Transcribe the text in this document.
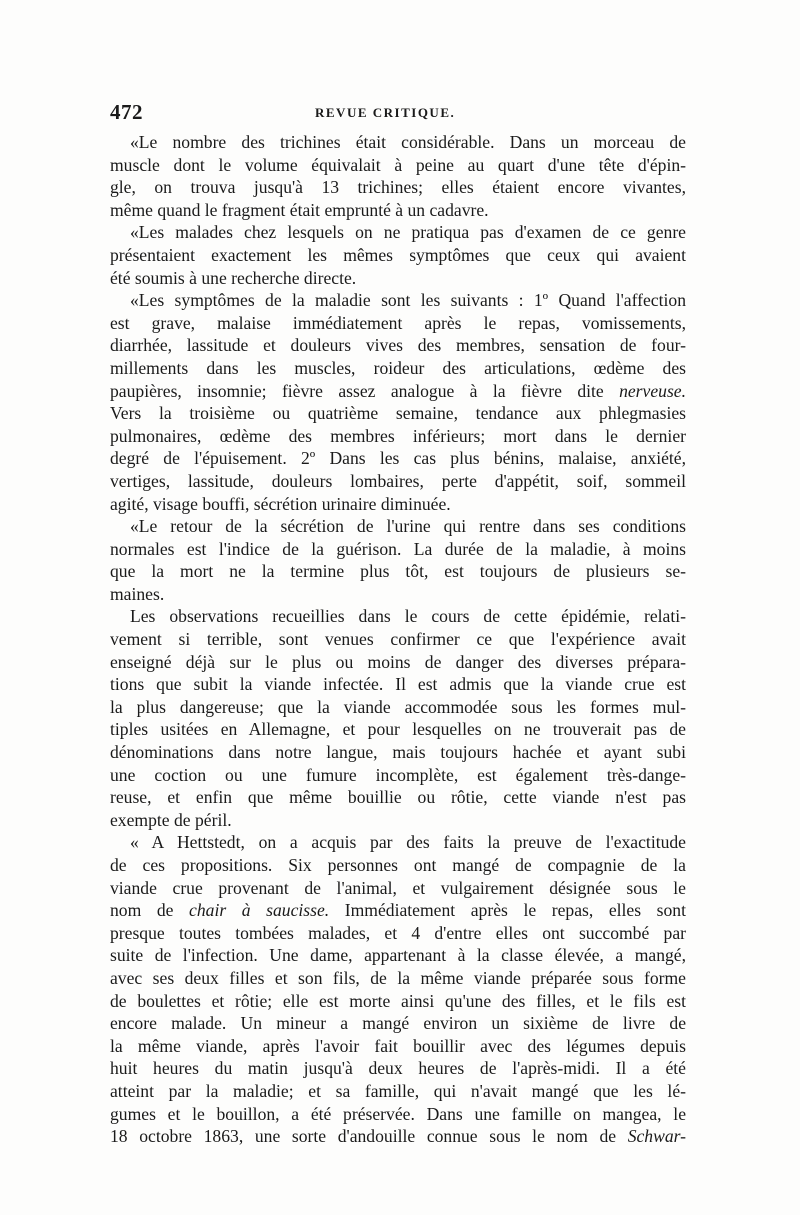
472	REVUE CRITIQUE.
«Le nombre des trichines était considérable. Dans un morceau de
muscle dont le volume équivalait à peine au quart d'une tête d'épin-
gle, on trouva jusqu'à 13 trichines; elles étaient encore vivantes,
même quand le fragment était emprunté à un cadavre.
«Les malades chez lesquels on ne pratiqua pas d'examen de ce genre
présentaient exactement les mêmes symptômes que ceux qui avaient
été soumis à une recherche directe.
«Les symptômes de la maladie sont les suivants : 1º Quand l'affection
est grave, malaise immédiatement après le repas, vomissements,
diarrhée, lassitude et douleurs vives des membres, sensation de four-
millements dans les muscles, roideur des articulations, œdème des
paupières, insomnie; fièvre assez analogue à la fièvre dite nerveuse.
Vers la troisième ou quatrième semaine, tendance aux phlegmasies
pulmonaires, œdème des membres inférieurs; mort dans le dernier
degré de l'épuisement. 2º Dans les cas plus bénins, malaise, anxiété,
vertiges, lassitude, douleurs lombaires, perte d'appétit, soif, sommeil
agité, visage bouffi, sécrétion urinaire diminuée.
«Le retour de la sécrétion de l'urine qui rentre dans ses conditions
normales est l'indice de la guérison. La durée de la maladie, à moins
que la mort ne la termine plus tôt, est toujours de plusieurs se-
maines.
Les observations recueillies dans le cours de cette épidémie, relati-
vement si terrible, sont venues confirmer ce que l'expérience avait
enseigné déjà sur le plus ou moins de danger des diverses prépara-
tions que subit la viande infectée. Il est admis que la viande crue est
la plus dangereuse; que la viande accommodée sous les formes mul-
tiples usitées en Allemagne, et pour lesquelles on ne trouverait pas de
dénominations dans notre langue, mais toujours hachée et ayant subi
une coction ou une fumure incomplète, est également très-dange-
reuse, et enfin que même bouillie ou rôtie, cette viande n'est pas
exempte de péril.
« A Hettstedt, on a acquis par des faits la preuve de l'exactitude
de ces propositions. Six personnes ont mangé de compagnie de la
viande crue provenant de l'animal, et vulgairement désignée sous le
nom de chair à saucisse. Immédiatement après le repas, elles sont
presque toutes tombées malades, et 4 d'entre elles ont succombé par
suite de l'infection. Une dame, appartenant à la classe élevée, a mangé,
avec ses deux filles et son fils, de la même viande préparée sous forme
de boulettes et rôtie; elle est morte ainsi qu'une des filles, et le fils est
encore malade. Un mineur a mangé environ un sixième de livre de
la même viande, après l'avoir fait bouillir avec des légumes depuis
huit heures du matin jusqu'à deux heures de l'après-midi. Il a été
atteint par la maladie; et sa famille, qui n'avait mangé que les lé-
gumes et le bouillon, a été préservée. Dans une famille on mangea, le
18 octobre 1863, une sorte d'andouille connue sous le nom de Schwar-
